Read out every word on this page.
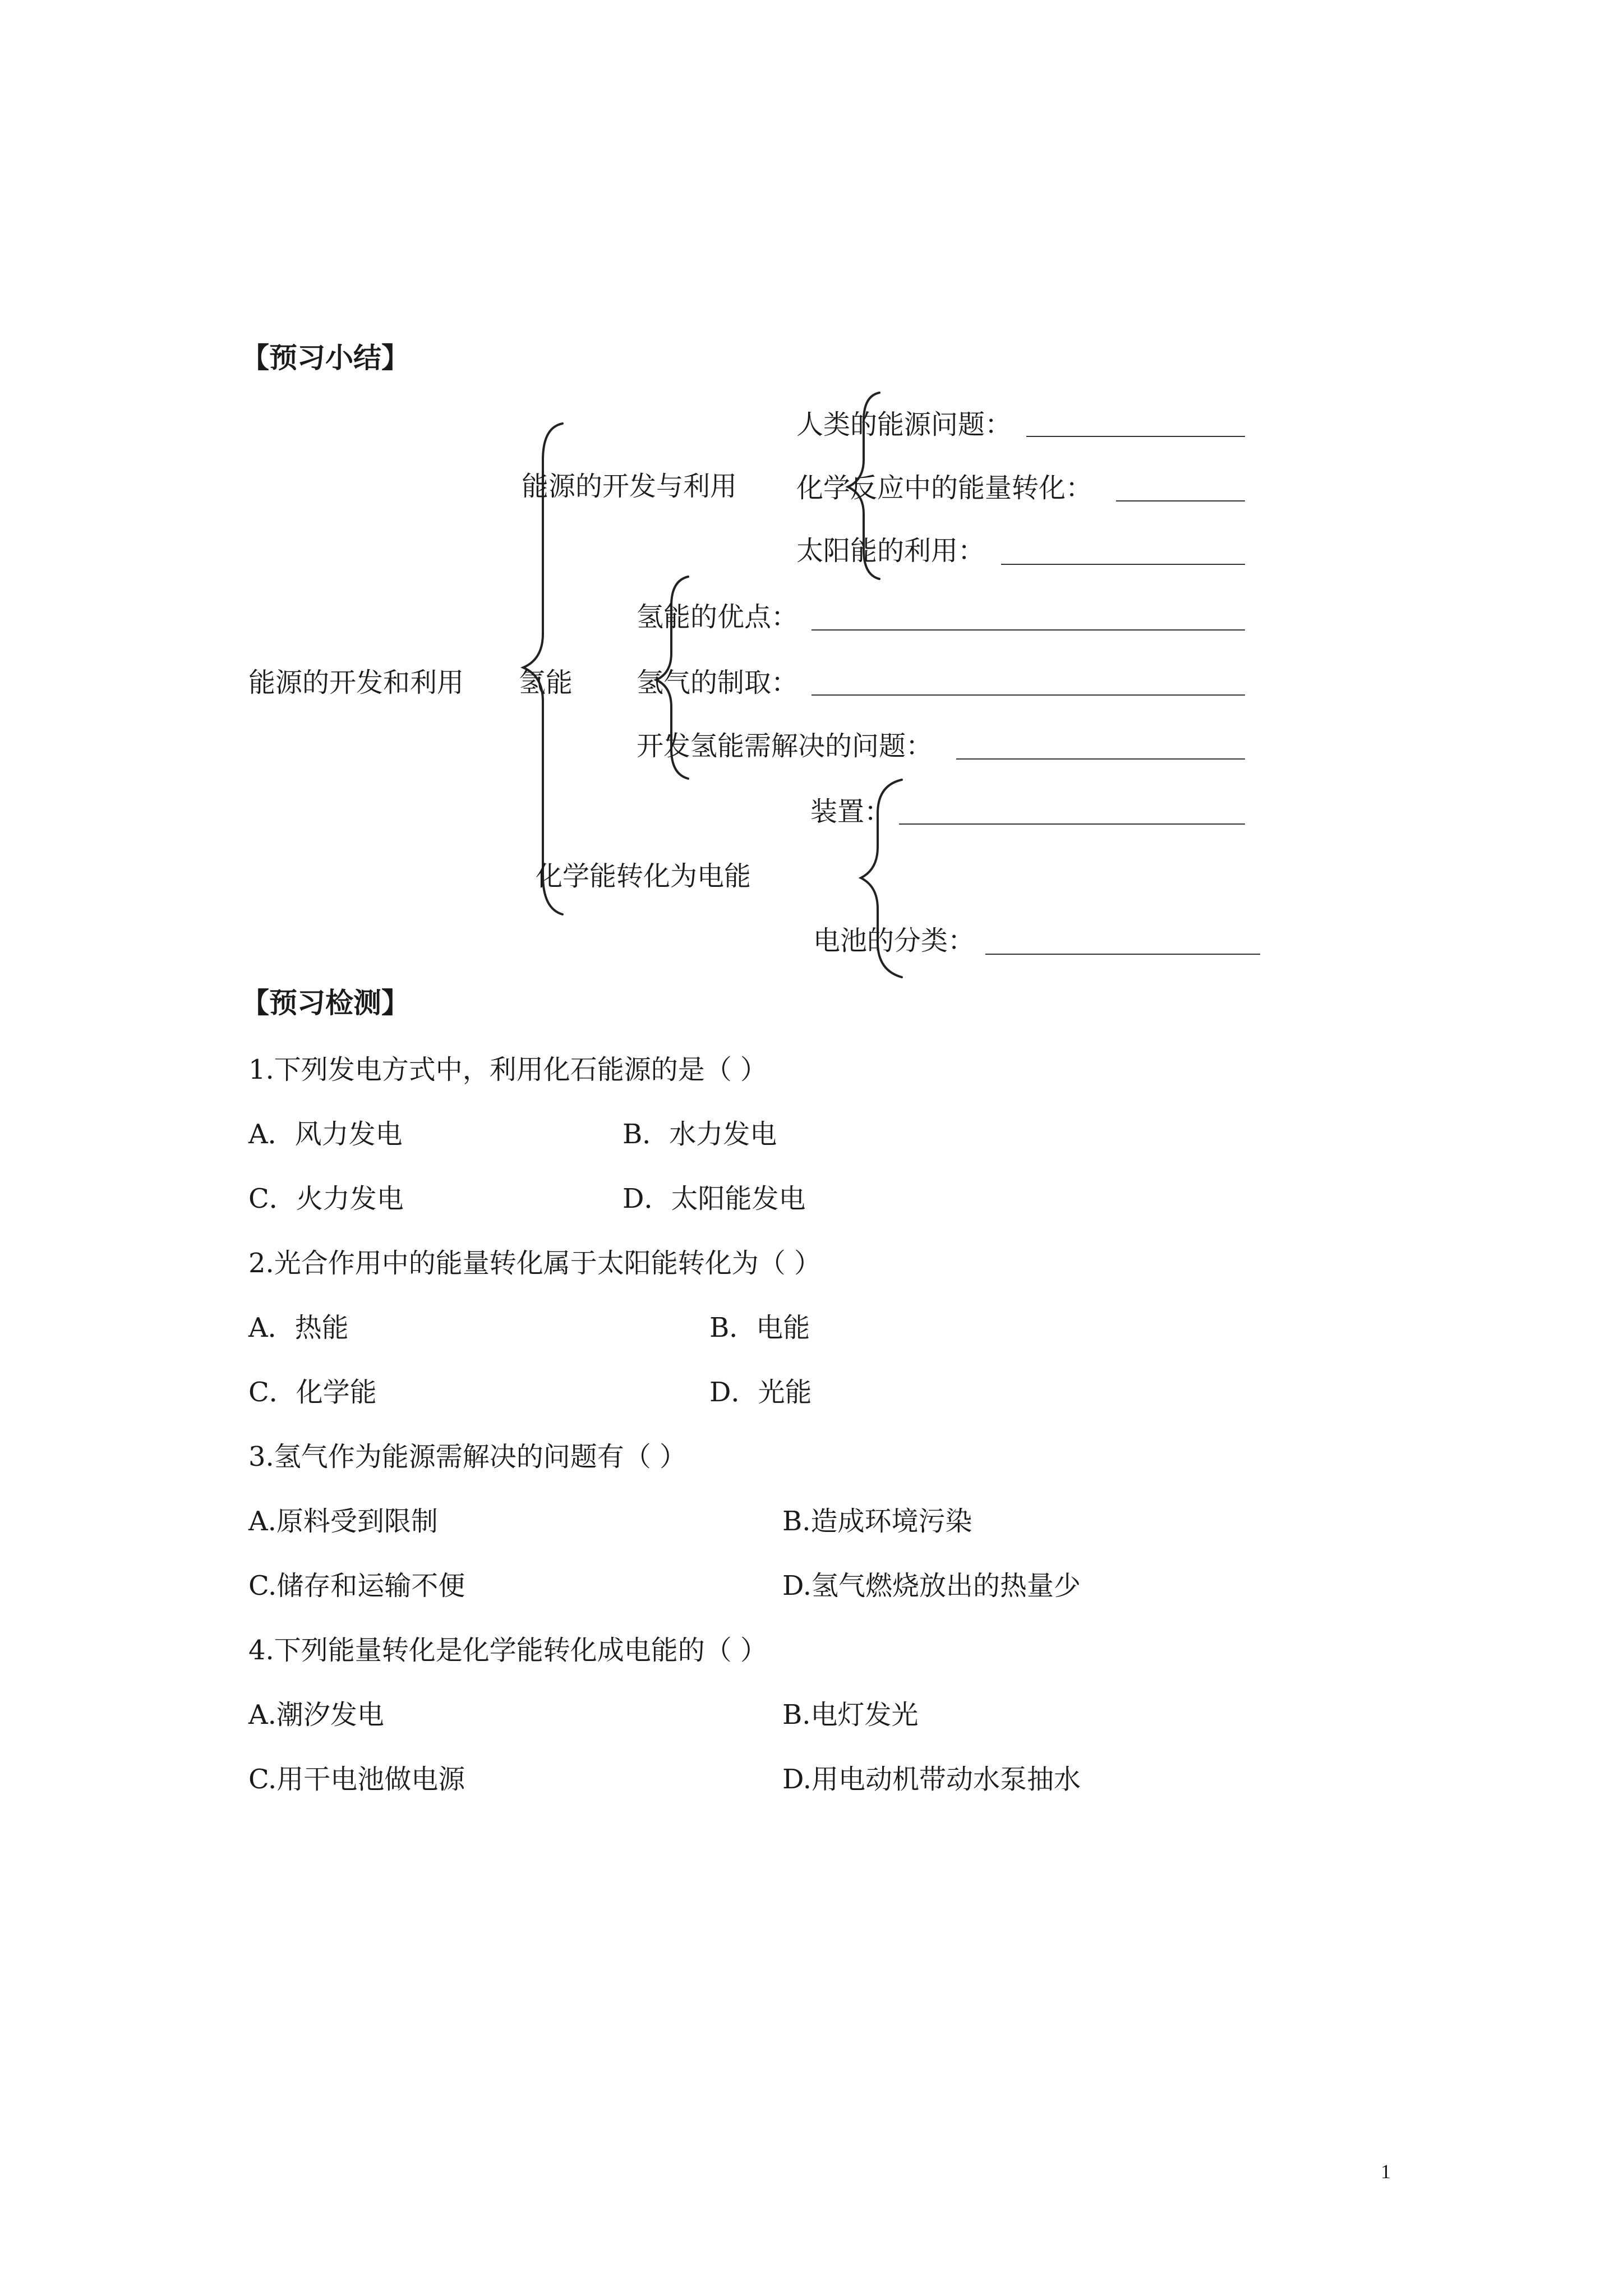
【预习小结】
能源的开发和利用
能源的开发与利用
氢能
化学能转化为电能
人类的能源问题：
化学反应中的能量转化：
太阳能的利用：
氢能的优点：
氢气的制取：
开发氢能需解决的问题：
装置：
电池的分类：
【预习检测】
1.下列发电方式中，利用化石能源的是（ ）
A．风力发电	B．水力发电
C．火力发电	D．太阳能发电
2.光合作用中的能量转化属于太阳能转化为（ ）
A．热能	B．电能
C．化学能	D．光能
3.氢气作为能源需解决的问题有（ ）
A.原料受到限制	B.造成环境污染
C.储存和运输不便	D.氢气燃烧放出的热量少
4.下列能量转化是化学能转化成电能的（ ）
A.潮汐发电	B.电灯发光
C.用干电池做电源	D.用电动机带动水泵抽水
1
